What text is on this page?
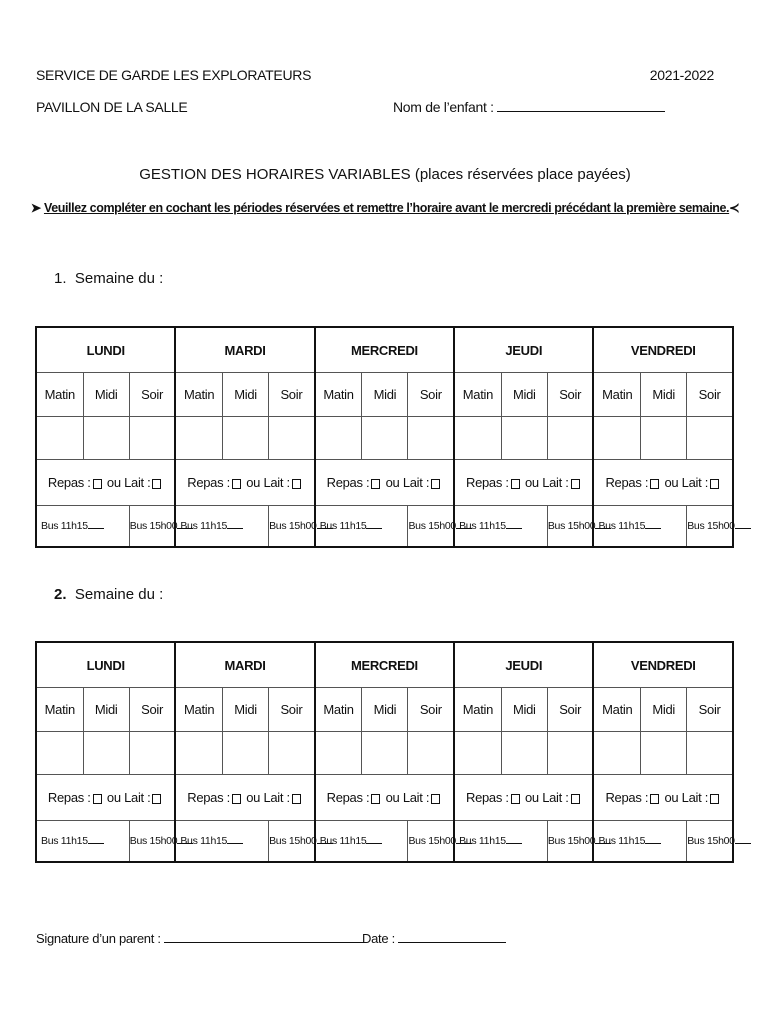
SERVICE DE GARDE LES EXPLORATEURS	2021-2022
PAVILLON DE LA SALLE	Nom de l’enfant :
GESTION DES HORAIRES VARIABLES (places réservées place payées)
➤ Veuillez compléter en cochant les périodes réservées et remettre l’horaire avant le mercredi précédant la première semaine.≺
1. Semaine du :
LUNDI			MARDI			MERCREDI			JEUDI			VENDREDI		
Matin	Midi	Soir	Matin	Midi	Soir	Matin	Midi	Soir	Matin	Midi	Soir	Matin	Midi	Soir

Repas : ou Lait :			Repas : ou Lait :			Repas : ou Lait :			Repas : ou Lait :			Repas : ou Lait :		
Bus 11h15		Bus 15h00	Bus 11h15		Bus 15h00	Bus 11h15		Bus 15h00	Bus 11h15		Bus 15h00	Bus 11h15		Bus 15h00
2. Semaine du :
LUNDI			MARDI			MERCREDI			JEUDI			VENDREDI		
Matin	Midi	Soir	Matin	Midi	Soir	Matin	Midi	Soir	Matin	Midi	Soir	Matin	Midi	Soir

Repas : ou Lait :			Repas : ou Lait :			Repas : ou Lait :			Repas : ou Lait :			Repas : ou Lait :		
Bus 11h15		Bus 15h00	Bus 11h15		Bus 15h00	Bus 11h15		Bus 15h00	Bus 11h15		Bus 15h00	Bus 11h15		Bus 15h00
Signature d’un parent :	Date :
